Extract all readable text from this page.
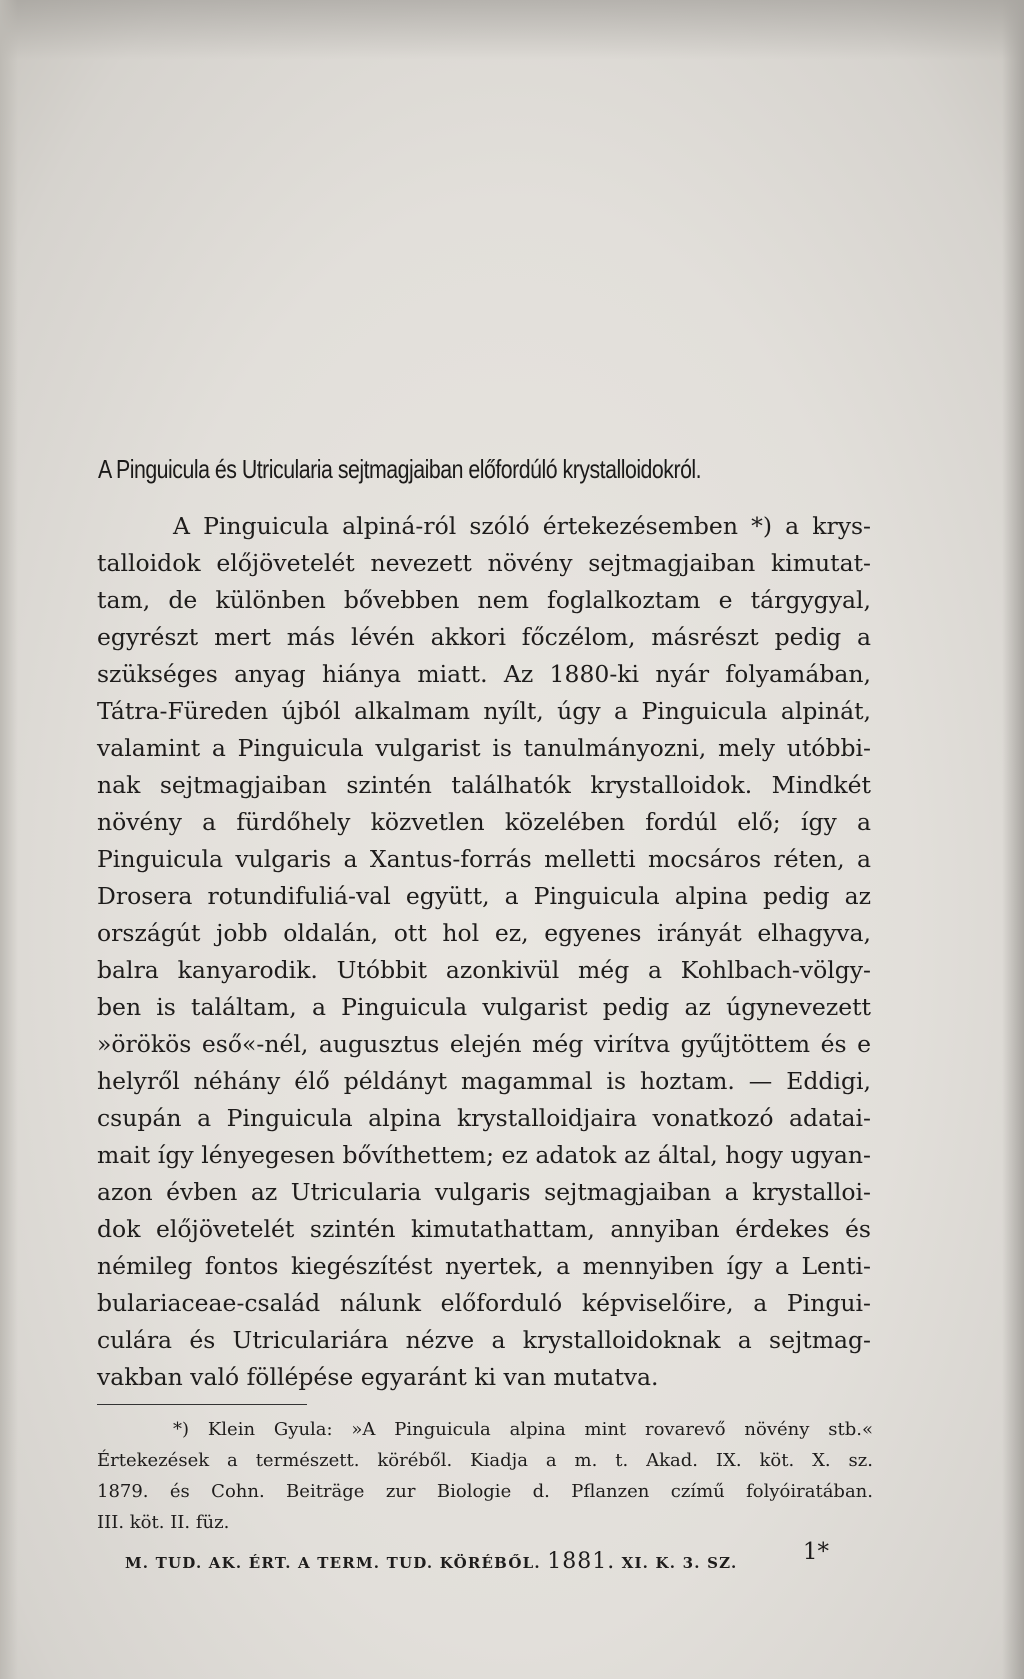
A Pinguicula és Utricularia sejtmagjaiban előfordúló krystalloidokról.
A Pinguicula alpiná-ról szóló értekezésemben *) a krys-
talloidok előjövetelét nevezett növény sejtmagjaiban kimutat-
tam, de különben bővebben nem foglalkoztam e tárgygyal,
egyrészt mert más lévén akkori főczélom, másrészt pedig a
szükséges anyag hiánya miatt. Az 1880-ki nyár folyamában,
Tátra-Füreden újból alkalmam nyílt, úgy a Pinguicula alpinát,
valamint a Pinguicula vulgarist is tanulmányozni, mely utóbbi-
nak sejtmagjaiban szintén találhatók krystalloidok. Mindkét
növény a fürdőhely közvetlen közelében fordúl elő; így a
Pinguicula vulgaris a Xantus-forrás melletti mocsáros réten, a
Drosera rotundifuliá-val együtt, a Pinguicula alpina pedig az
országút jobb oldalán, ott hol ez, egyenes irányát elhagyva,
balra kanyarodik. Utóbbit azonkivül még a Kohlbach-völgy-
ben is találtam, a Pinguicula vulgarist pedig az úgynevezett
»örökös eső«-nél, augusztus elején még virítva gyűjtöttem és e
helyről néhány élő példányt magammal is hoztam. — Eddigi,
csupán a Pinguicula alpina krystalloidjaira vonatkozó adatai-
mait így lényegesen bővíthettem; ez adatok az által, hogy ugyan-
azon évben az Utricularia vulgaris sejtmagjaiban a krystalloi-
dok előjövetelét szintén kimutathattam, annyiban érdekes és
némileg fontos kiegészítést nyertek, a mennyiben így a Lenti-
bulariaceae-család nálunk előforduló képviselőire, a Pingui-
culára és Utriculariára nézve a krystalloidoknak a sejtmag-
vakban való föllépése egyaránt ki van mutatva.
*) Klein Gyula: »A Pinguicula alpina mint rovarevő növény stb.«
Értekezések a természett. köréből. Kiadja a m. t. Akad. IX. köt. X. sz.
1879. és Cohn. Beiträge zur Biologie d. Pflanzen czímű folyóiratában.
III. köt. II. füz.
M. TUD. AK. ÉRT. A TERM. TUD. KÖRÉBŐL. 1881. XI. K. 3. SZ.	1*
